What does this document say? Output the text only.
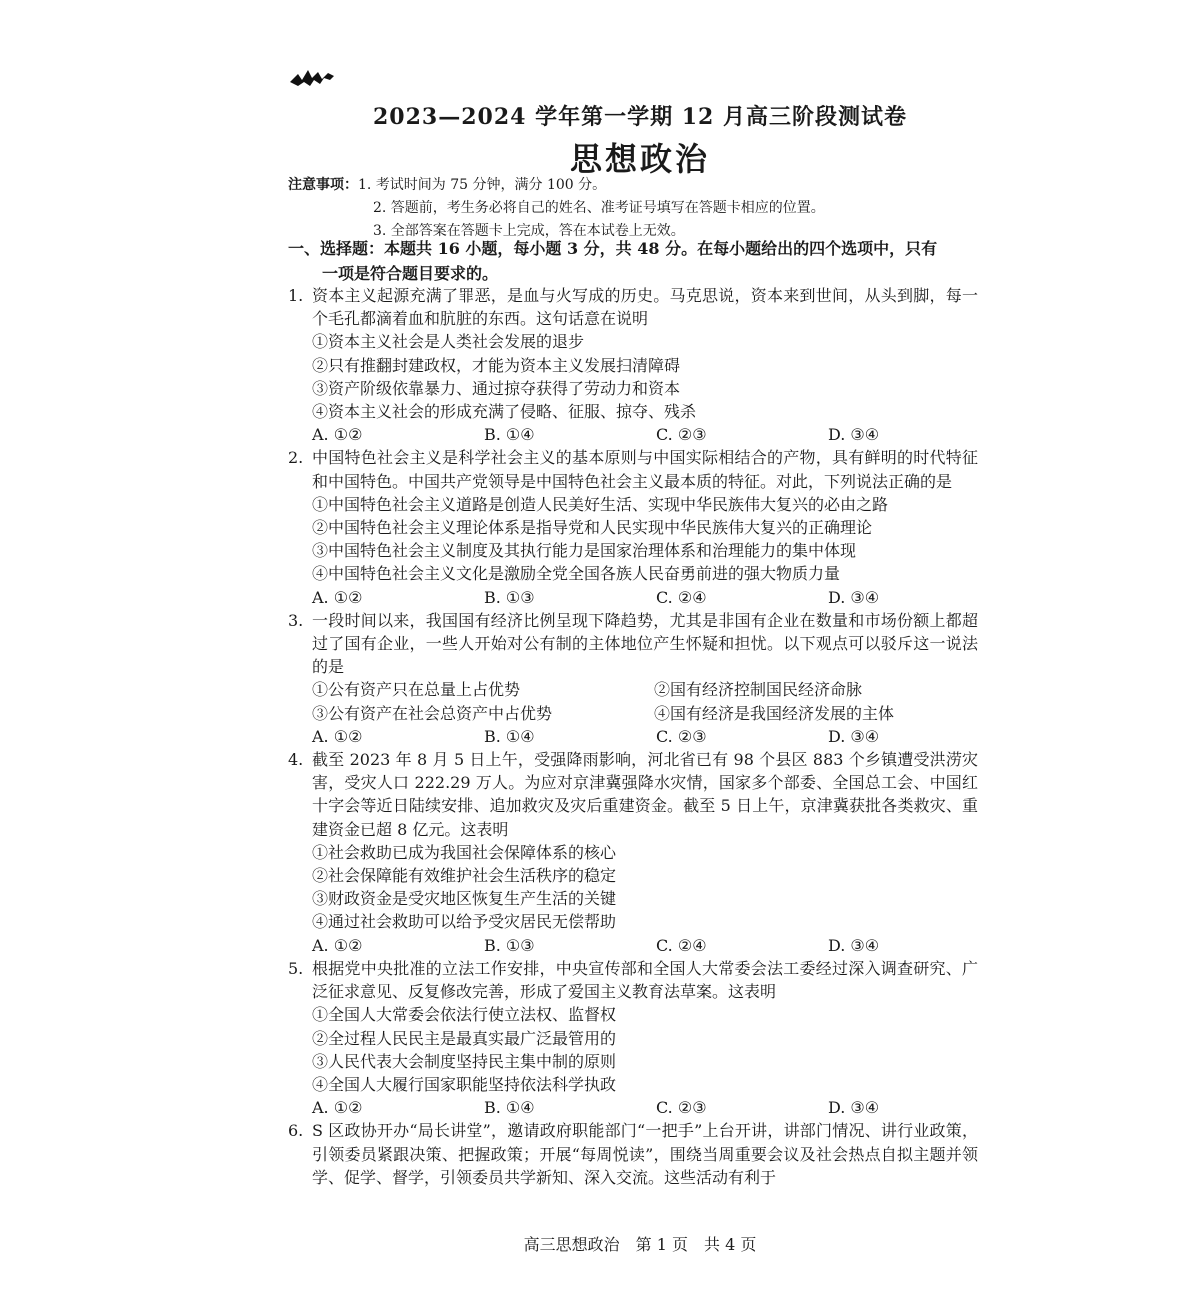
2023—2024 学年第一学期 12 月高三阶段测试卷
思想政治
注意事项：1. 考试时间为 75 分钟，满分 100 分。
2. 答题前，考生务必将自己的姓名、准考证号填写在答题卡相应的位置。
3. 全部答案在答题卡上完成，答在本试卷上无效。
一、选择题：本题共 16 小题，每小题 3 分，共 48 分。在每小题给出的四个选项中，只有
一项是符合题目要求的。
1. 资本主义起源充满了罪恶，是血与火写成的历史。马克思说，资本来到世间，从头到脚，每一个毛孔都滴着血和肮脏的东西。这句话意在说明
①资本主义社会是人类社会发展的退步
②只有推翻封建政权，才能为资本主义发展扫清障碍
③资产阶级依靠暴力、通过掠夺获得了劳动力和资本
④资本主义社会的形成充满了侵略、征服、掠夺、残杀
A. ①②	B. ①④	C. ②③	D. ③④
2. 中国特色社会主义是科学社会主义的基本原则与中国实际相结合的产物，具有鲜明的时代特征和中国特色。中国共产党领导是中国特色社会主义最本质的特征。对此，下列说法正确的是
①中国特色社会主义道路是创造人民美好生活、实现中华民族伟大复兴的必由之路
②中国特色社会主义理论体系是指导党和人民实现中华民族伟大复兴的正确理论
③中国特色社会主义制度及其执行能力是国家治理体系和治理能力的集中体现
④中国特色社会主义文化是激励全党全国各族人民奋勇前进的强大物质力量
A. ①②	B. ①③	C. ②④	D. ③④
3. 一段时间以来，我国国有经济比例呈现下降趋势，尤其是非国有企业在数量和市场份额上都超过了国有企业，一些人开始对公有制的主体地位产生怀疑和担忧。以下观点可以驳斥这一说法的是
①公有资产只在总量上占优势	②国有经济控制国民经济命脉
③公有资产在社会总资产中占优势	④国有经济是我国经济发展的主体
A. ①②	B. ①④	C. ②③	D. ③④
4. 截至 2023 年 8 月 5 日上午，受强降雨影响，河北省已有 98 个县区 883 个乡镇遭受洪涝灾害，受灾人口 222.29 万人。为应对京津冀强降水灾情，国家多个部委、全国总工会、中国红十字会等近日陆续安排、追加救灾及灾后重建资金。截至 5 日上午，京津冀获批各类救灾、重建资金已超 8 亿元。这表明
①社会救助已成为我国社会保障体系的核心
②社会保障能有效维护社会生活秩序的稳定
③财政资金是受灾地区恢复生产生活的关键
④通过社会救助可以给予受灾居民无偿帮助
A. ①②	B. ①③	C. ②④	D. ③④
5. 根据党中央批准的立法工作安排，中央宣传部和全国人大常委会法工委经过深入调查研究、广泛征求意见、反复修改完善，形成了爱国主义教育法草案。这表明
①全国人大常委会依法行使立法权、监督权
②全过程人民民主是最真实最广泛最管用的
③人民代表大会制度坚持民主集中制的原则
④全国人大履行国家职能坚持依法科学执政
A. ①②	B. ①④	C. ②③	D. ③④
6. S 区政协开办“局长讲堂”，邀请政府职能部门“一把手”上台开讲，讲部门情况、讲行业政策，引领委员紧跟决策、把握政策；开展“每周悦读”，围绕当周重要会议及社会热点自拟主题并领学、促学、督学，引领委员共学新知、深入交流。这些活动有利于
高三思想政治　第 1 页　共 4 页
